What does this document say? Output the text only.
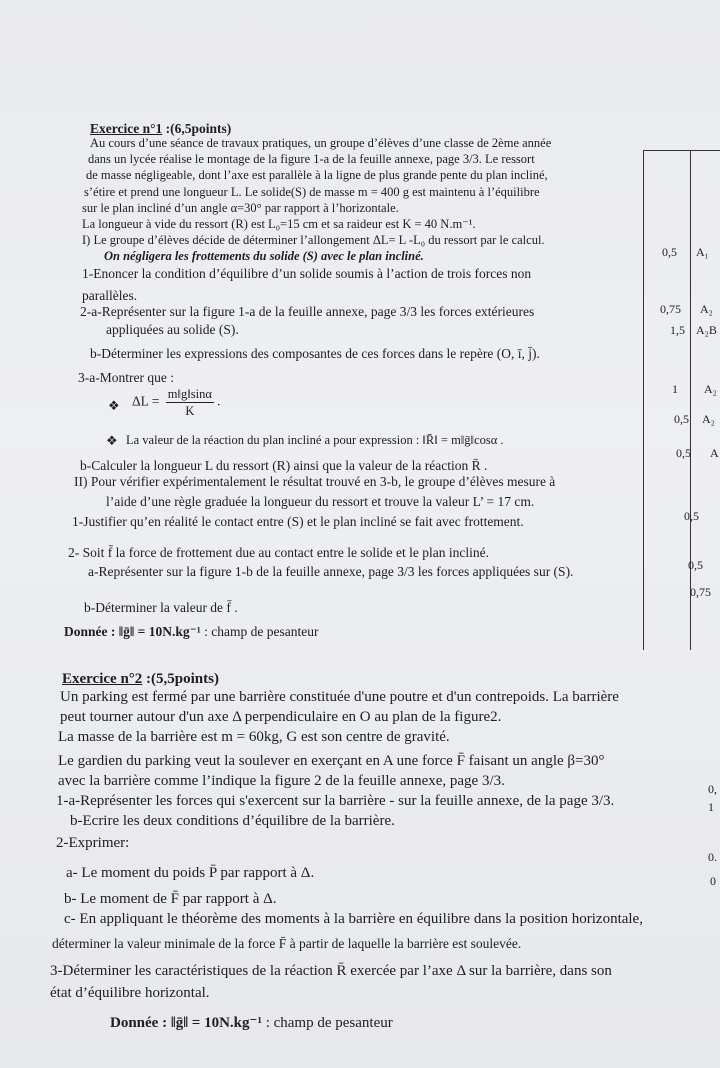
Exercice n°1 :(6,5points)
Au cours d’une séance de travaux pratiques, un groupe d’élèves d’une classe de 2ème année
dans un lycée réalise le montage de la figure 1-a de la feuille annexe, page 3/3. Le ressort
de masse négligeable, dont l’axe est parallèle à la ligne de plus grande pente du plan incliné,
s’étire et prend une longueur L. Le solide(S) de masse m = 400 g est maintenu à l’équilibre
sur le plan incliné d’un angle α=30° par rapport à l’horizontale.
La longueur à vide du ressort (R) est L₀=15 cm et sa raideur est K = 40 N.m⁻¹.
I) Le groupe d’élèves décide de déterminer l’allongement ΔL= L -L₀ du ressort par le calcul.
On négligera les frottements du solide (S) avec le plan incliné.
1-Enoncer la condition d’équilibre d’un solide soumis à l’action de trois forces non
parallèles.
2-a-Représenter sur la figure 1-a de la feuille annexe, page 3/3 les forces extérieures
appliquées au solide (S).
b-Déterminer les expressions des composantes de ces forces dans le repère (O, ī, j̄).
3-a-Montrer que :
❖ $\Delta L = \frac{m‖g‖\sin\alpha}{K}$ .
❖ La valeur de la réaction du plan incliné a pour expression : ‖R̄‖ = m‖ḡ‖cosα .
b-Calculer la longueur L du ressort (R) ainsi que la valeur de la réaction R̄ .
II) Pour vérifier expérimentalement le résultat trouvé en 3-b, le groupe d’élèves mesure à
l’aide d’une règle graduée la longueur du ressort et trouve la valeur L’ = 17 cm.
1-Justifier qu’en réalité le contact entre (S) et le plan incliné se fait avec frottement.
2- Soit f̄ la force de frottement due au contact entre le solide et le plan incliné.
a-Représenter sur la figure 1-b de la feuille annexe, page 3/3 les forces appliquées sur (S).
b-Déterminer la valeur de f̄ .
Donnée : ‖ḡ‖ = 10N.kg⁻¹ : champ de pesanteur
0,5 A₁
0,75 A₂
1,5 A₂B
1 A₂
0,5 A₂
0,5 A
0,5
0,5
0,75
Exercice n°2 :(5,5points)
Un parking est fermé par une barrière constituée d'une poutre et d'un contrepoids. La barrière
peut tourner autour d'un axe Δ perpendiculaire en O au plan de la figure2.
La masse de la barrière est m = 60kg, G est son centre de gravité.
Le gardien du parking veut la soulever en exerçant en A une force F̄ faisant un angle β=30°
avec la barrière comme l’indique la figure 2 de la feuille annexe, page 3/3.
1-a-Représenter les forces qui s'exercent sur la barrière - sur la feuille annexe, de la page 3/3.
b-Ecrire les deux conditions d’équilibre de la barrière.
2-Exprimer:
a- Le moment du poids P̄ par rapport à Δ.
b- Le moment de F̄ par rapport à Δ.
c- En appliquant le théorème des moments à la barrière en équilibre dans la position horizontale,
déterminer la valeur minimale de la force F̄ à partir de laquelle la barrière est soulevée.
3-Déterminer les caractéristiques de la réaction R̄ exercée par l’axe Δ sur la barrière, dans son
état d’équilibre horizontal.
Donnée : ‖ḡ‖ = 10N.kg⁻¹ : champ de pesanteur
0,
1
0.
0
